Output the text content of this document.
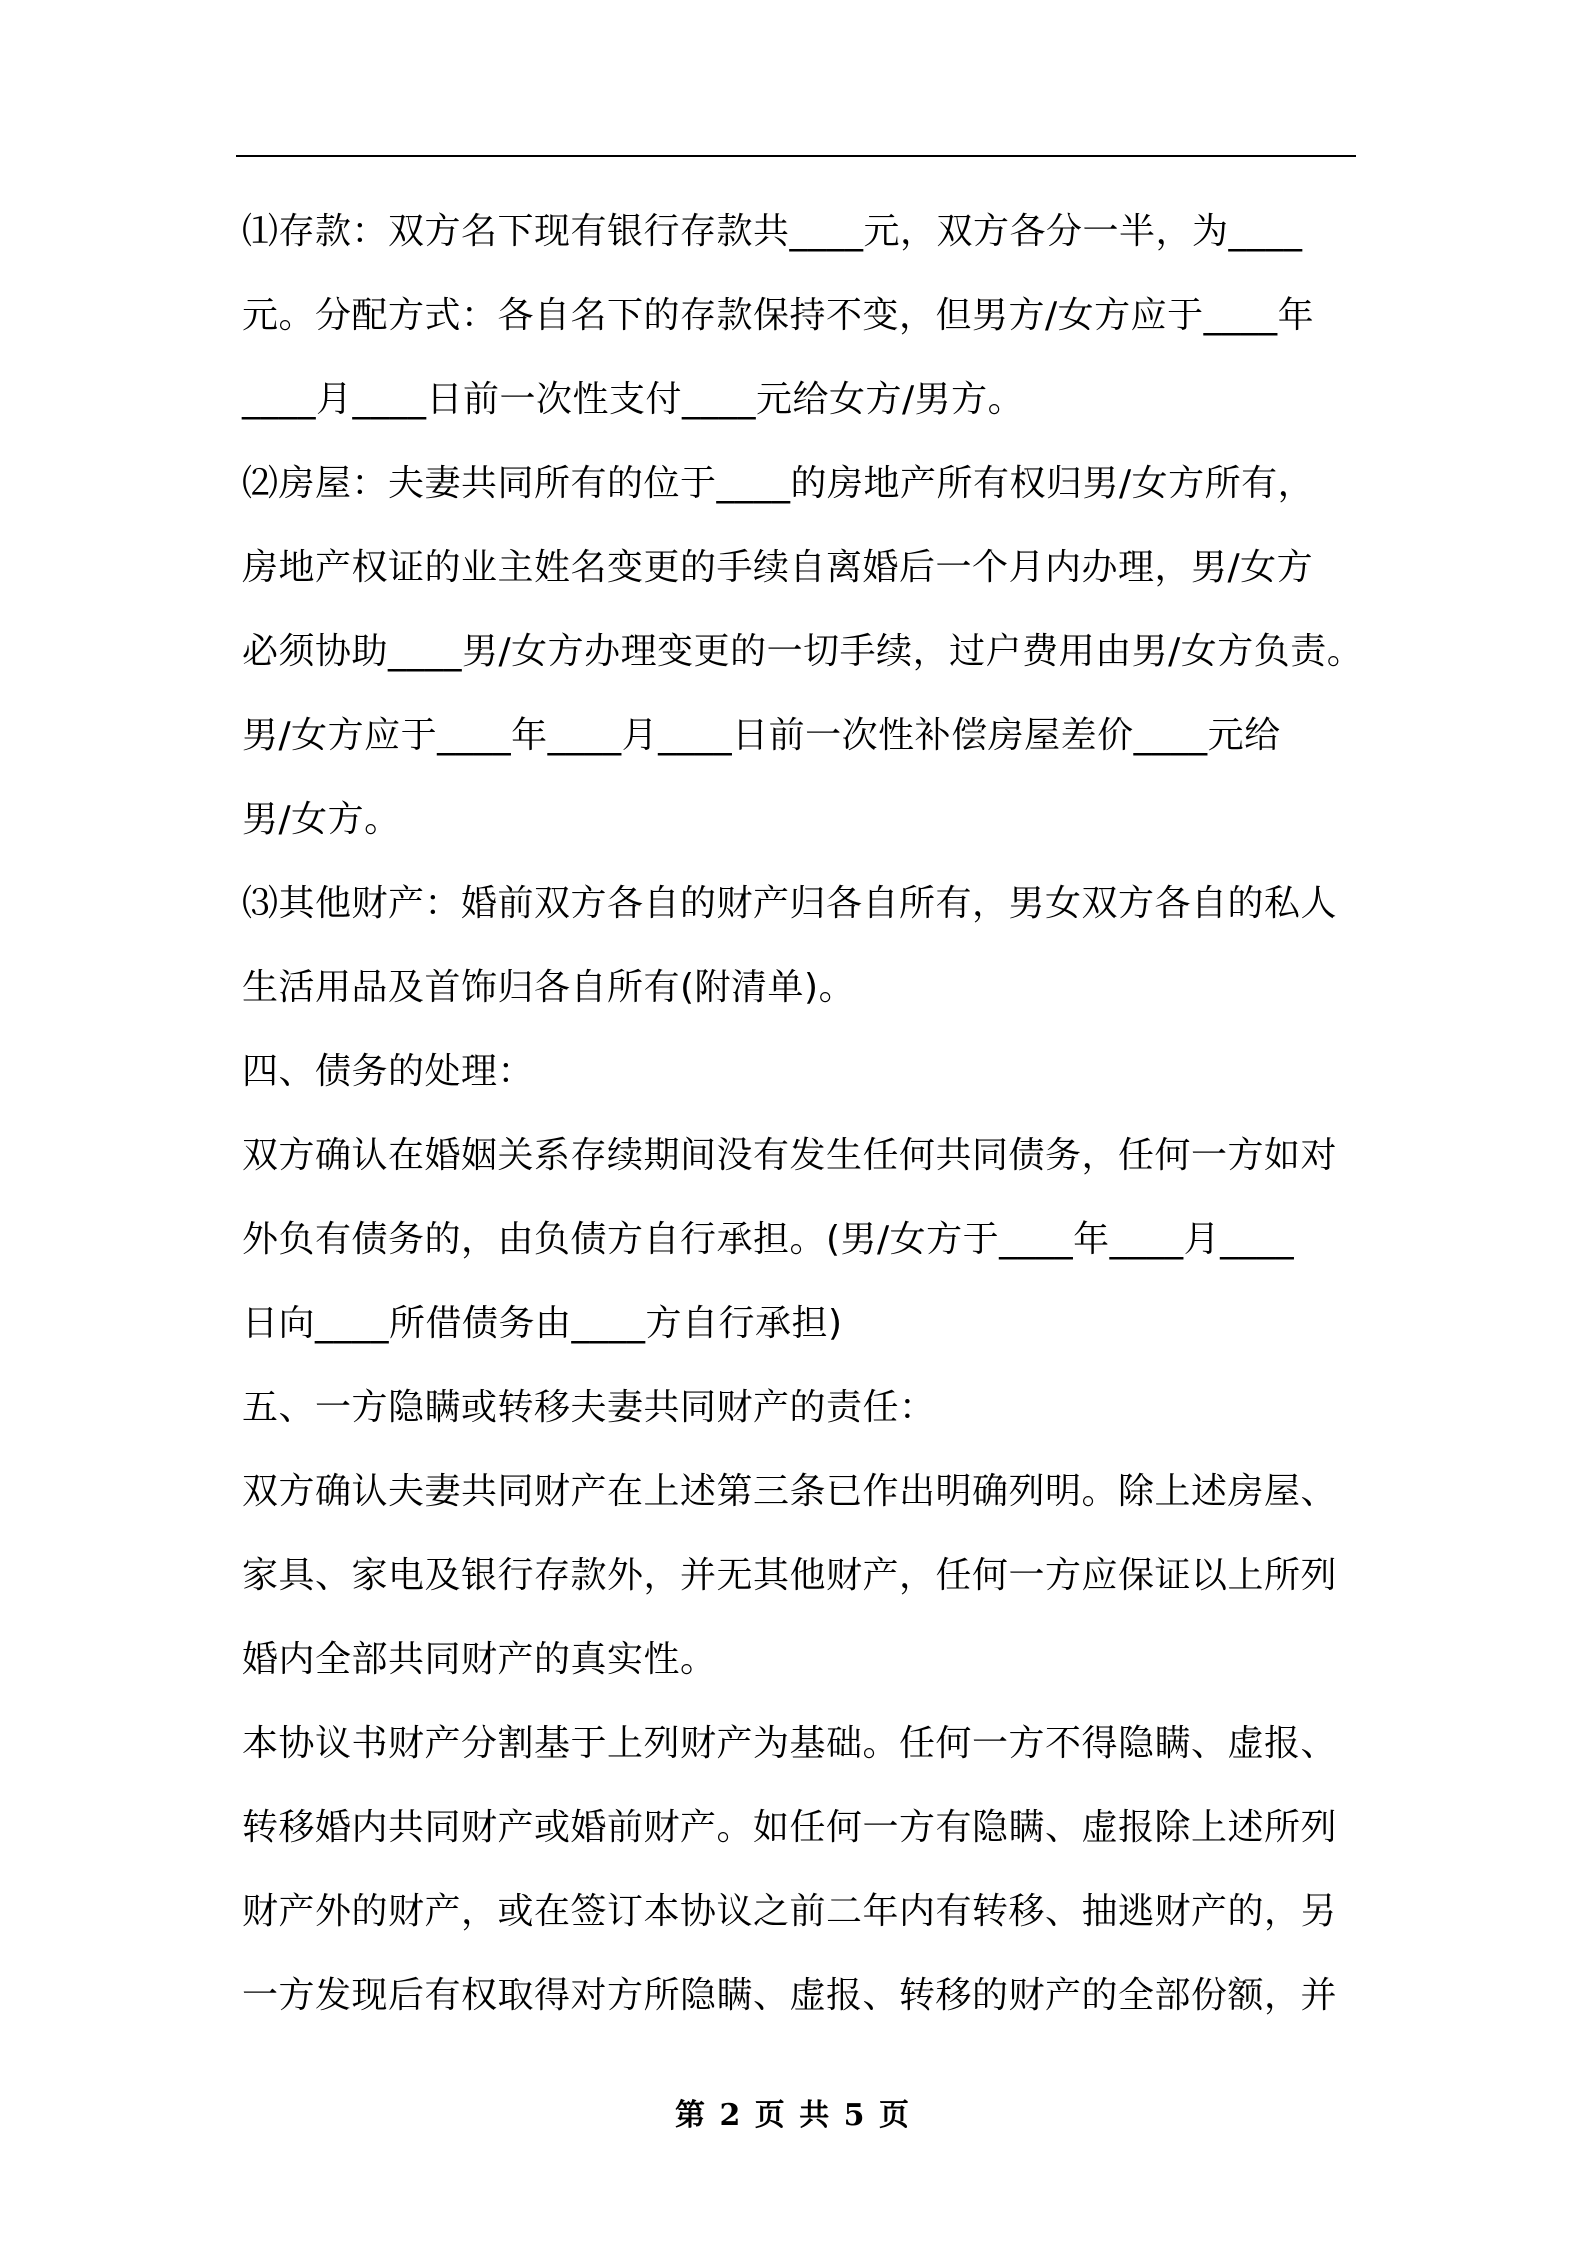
⑴存款：双方名下现有银行存款共____元，双方各分一半，为____
元。分配方式：各自名下的存款保持不变，但男方/女方应于____年
____月____日前一次性支付____元给女方/男方。
⑵房屋：夫妻共同所有的位于____的房地产所有权归男/女方所有，
房地产权证的业主姓名变更的手续自离婚后一个月内办理，男/女方
必须协助____男/女方办理变更的一切手续，过户费用由男/女方负责。
男/女方应于____年____月____日前一次性补偿房屋差价____元给
男/女方。
⑶其他财产：婚前双方各自的财产归各自所有，男女双方各自的私人
生活用品及首饰归各自所有(附清单)。
四、债务的处理：
双方确认在婚姻关系存续期间没有发生任何共同债务，任何一方如对
外负有债务的，由负债方自行承担。(男/女方于____年____月____
日向____所借债务由____方自行承担)
五、一方隐瞒或转移夫妻共同财产的责任：
双方确认夫妻共同财产在上述第三条已作出明确列明。除上述房屋、
家具、家电及银行存款外，并无其他财产，任何一方应保证以上所列
婚内全部共同财产的真实性。
本协议书财产分割基于上列财产为基础。任何一方不得隐瞒、虚报、
转移婚内共同财产或婚前财产。如任何一方有隐瞒、虚报除上述所列
财产外的财产，或在签订本协议之前二年内有转移、抽逃财产的，另
一方发现后有权取得对方所隐瞒、虚报、转移的财产的全部份额，并
第 2 页 共 5 页
